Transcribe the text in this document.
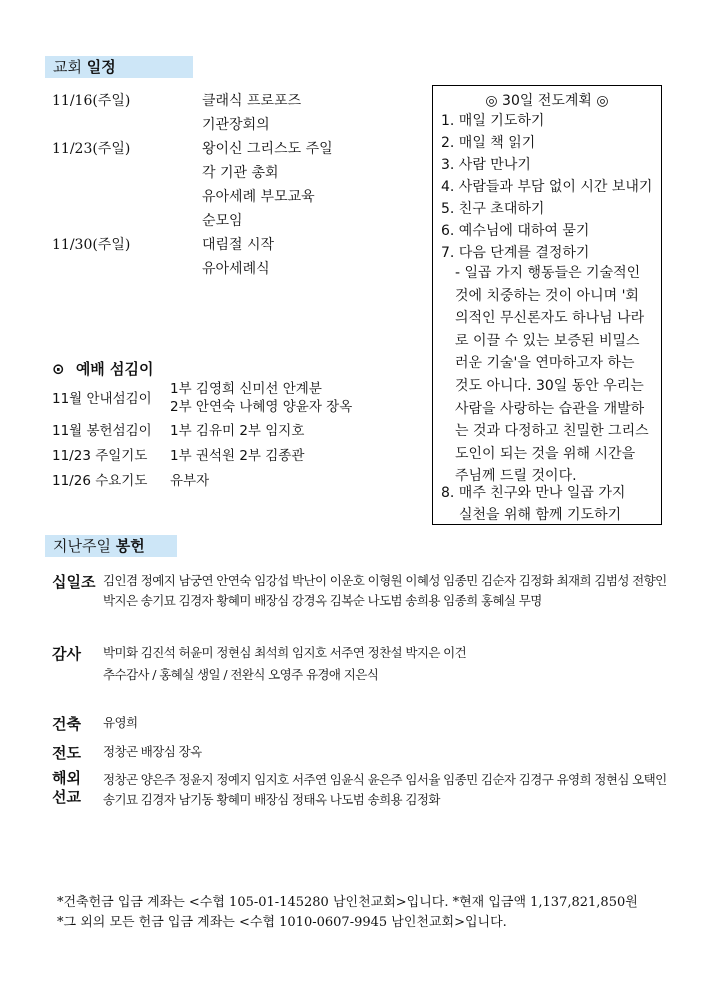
교회 일정
11/16(주일)	클래식 프로포즈
기관장회의
11/23(주일)	왕이신 그리스도 주일
각 기관 총회
유아세례 부모교육
순모임
11/30(주일)	대림절 시작
유아세례식
◎ 30일 전도계획 ◎
1. 매일 기도하기
2. 매일 책 읽기
3. 사람 만나기
4. 사람들과 부담 없이 시간 보내기
5. 친구 초대하기
6. 예수님에 대하여 묻기
7. 다음 단계를 결정하기
- 일곱 가지 행동들은 기술적인
것에 치중하는 것이 아니며 '회
의적인 무신론자도 하나님 나라
로 이끌 수 있는 보증된 비밀스
러운 기술'을 연마하고자 하는
것도 아니다. 30일 동안 우리는
사람을 사랑하는 습관을 개발하
는 것과 다정하고 친밀한 그리스
도인이 되는 것을 위해 시간을
주님께 드릴 것이다.
8. 매주 친구와 만나 일곱 가지
실천을 위해 함께 기도하기
⊙ 예배 섬김이
11월 안내섬김이
1부 김영희 신미선 안계분
2부 안연숙 나혜영 양윤자 장옥
11월 봉헌섬김이 1부 김유미 2부 임지호
11/23 주일기도 1부 권석원 2부 김종관
11/26 수요기도 유부자
지난주일 봉헌
십일조 김인겸 정예지 남궁연 안연숙 임강섭 박난이 이운호 이형원 이혜성 임종민 김순자 김정화 최재희 김범성 전향인
박지은 송기묘 김경자 황혜미 배장심 강경옥 김복순 나도범 송희용 임종희 홍혜실 무명
감사 박미화 김진석 허윤미 정현심 최석희 임지호 서주연 정찬설 박지은 이건
추수감사 / 홍혜실 생일 / 전완식 오영주 유경애 지은식
건축 유영희
전도 정창곤 배장심 장옥
해외 선교
정창곤 양은주 정윤지 정예지 임지호 서주연 임윤식 윤은주 임서율 임종민 김순자 김경구 유영희 정현심 오택인
송기묘 김경자 남기동 황혜미 배장심 정태옥 나도범 송희용 김정화
*건축헌금 입금 계좌는 <수협 105-01-145280 남인천교회>입니다. *현재 입금액 1,137,821,850원
*그 외의 모든 헌금 입금 계좌는 <수협 1010-0607-9945 남인천교회>입니다.
